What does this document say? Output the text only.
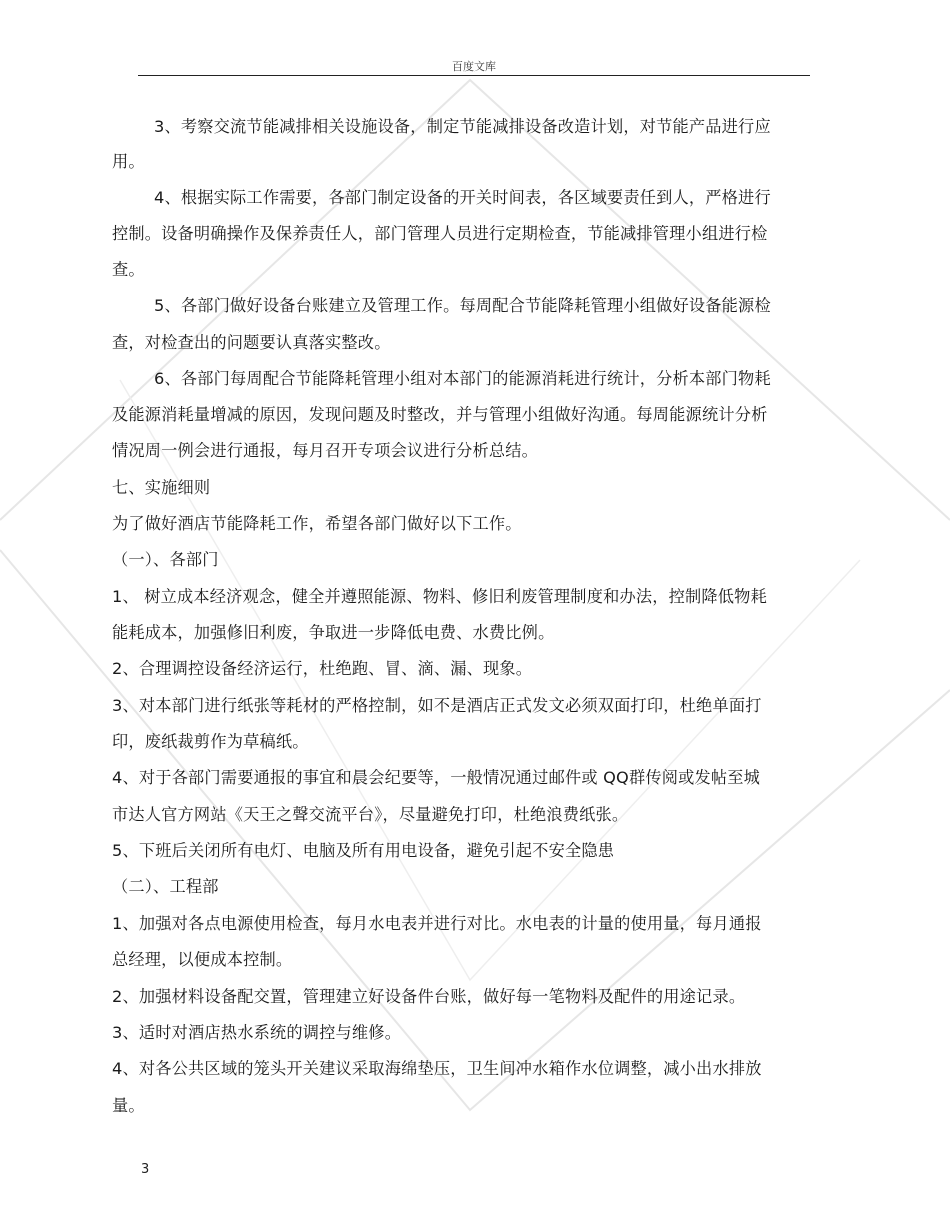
百度文库
3、考察交流节能减排相关设施设备，制定节能减排设备改造计划，对节能产品进行应
用。
4、根据实际工作需要，各部门制定设备的开关时间表，各区域要责任到人，严格进行
控制。设备明确操作及保养责任人，部门管理人员进行定期检查，节能减排管理小组进行检
查。
5、各部门做好设备台账建立及管理工作。每周配合节能降耗管理小组做好设备能源检
查，对检查出的问题要认真落实整改。
6、各部门每周配合节能降耗管理小组对本部门的能源消耗进行统计，分析本部门物耗
及能源消耗量增减的原因，发现问题及时整改，并与管理小组做好沟通。每周能源统计分析
情况周一例会进行通报，每月召开专项会议进行分析总结。
七、实施细则
为了做好酒店节能降耗工作，希望各部门做好以下工作。
（一）、各部门
1、 树立成本经济观念，健全并遵照能源、物料、修旧利废管理制度和办法，控制降低物耗
能耗成本，加强修旧利废，争取进一步降低电费、水费比例。
2、合理调控设备经济运行，杜绝跑、冒、滴、漏、现象。
3、对本部门进行纸张等耗材的严格控制，如不是酒店正式发文必须双面打印，杜绝单面打
印，废纸裁剪作为草稿纸。
4、对于各部门需要通报的事宜和晨会纪要等，一般情况通过邮件或 QQ群传阅或发帖至城
市达人官方网站《天王之聲交流平台》，尽量避免打印，杜绝浪费纸张。
5、下班后关闭所有电灯、电脑及所有用电设备，避免引起不安全隐患
（二）、工程部
1、加强对各点电源使用检查，每月水电表并进行对比。水电表的计量的使用量，每月通报
总经理，以便成本控制。
2、加强材料设备配交置，管理建立好设备件台账，做好每一笔物料及配件的用途记录。
3、适时对酒店热水系统的调控与维修。
4、对各公共区域的笼头开关建议采取海绵垫压，卫生间冲水箱作水位调整，减小出水排放
量。
3
